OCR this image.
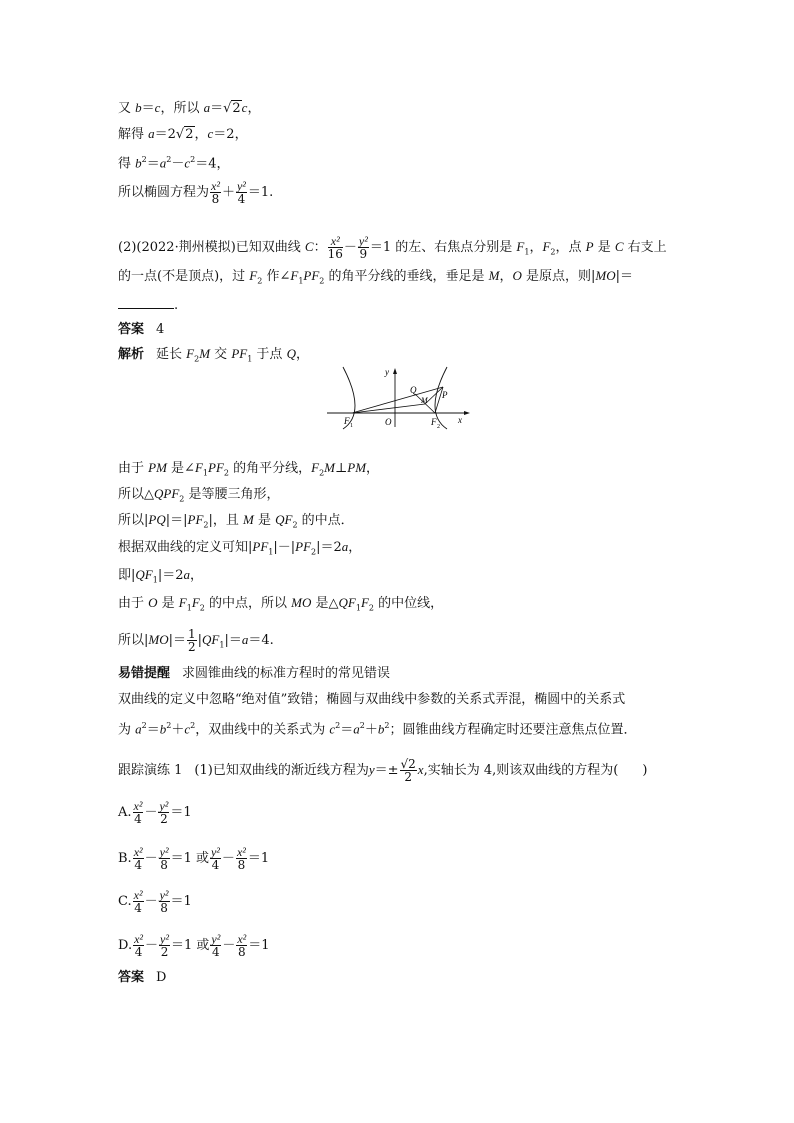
又 b＝c，所以 a＝√2c，
解得 a＝2√2，c＝2，
得 $b^2=a^2-c^2=4$，
所以椭圆方程为 $\frac{\text{x²}}{8} + \frac{\text{y²}}{4} =1$.
(2)(2022·荆州模拟)已知双曲线 C： $\frac{\text{x²}}{16} - \frac{\text{y²}}{9} =1$ 的左、右焦点分别是 $F_1$，$F_2$，点 P 是 C 右支上
的一点(不是顶点)，过 $F_2$ 作$\angle F_1PF_2$ 的角平分线的垂线，垂足是 M，O 是原点，则|MO|＝
.
答案 4
解析 延长 $F_2M$ 交 $PF_1$ 于点 Q，
y
x
O
F 1	F 2
P
Q
M
由于 PM 是$\angle F_1PF_2$ 的角平分线，$F_2M\perp PM$，
所以$\triangle QPF_2$ 是等腰三角形，
所以$|PQ|=|PF_2|$，且 M 是 $QF_2$ 的中点．
根据双曲线的定义可知$|PF_1|-|PF_2|=2a$，
即$|QF_1|=2a$，
由于 O 是 $F_1F_2$ 的中点，所以 MO 是$\triangle QF_1F_2$ 的中位线，
所以$|MO|= \frac{1}{2} |QF_1|=a=4$.
易错提醒 求圆锥曲线的标准方程时的常见错误
双曲线的定义中忽略“绝对值”致错；椭圆与双曲线中参数的关系式弄混，椭圆中的关系式
为 $a^2=b^2+c^2$，双曲线中的关系式为 $c^2=a^2+b^2$；圆锥曲线方程确定时还要注意焦点位置．
跟踪演练 1 (1)已知双曲线的渐近线方程为$y=\pm \frac{√2}{2} x$,实轴长为 4,则该双曲线的方程为( )
A. $\frac{\text{x²}}{4} - \frac{\text{y²}}{2} =1$
B. $\frac{\text{x²}}{4} - \frac{\text{y²}}{8} =1$ 或 $\frac{\text{y²}}{4} - \frac{\text{x²}}{8} =1$
C. $\frac{\text{x²}}{4} - \frac{\text{y²}}{8} =1$
D. $\frac{\text{x²}}{4} - \frac{\text{y²}}{2} =1$ 或 $\frac{\text{y²}}{4} - \frac{\text{x²}}{8} =1$
答案 D
